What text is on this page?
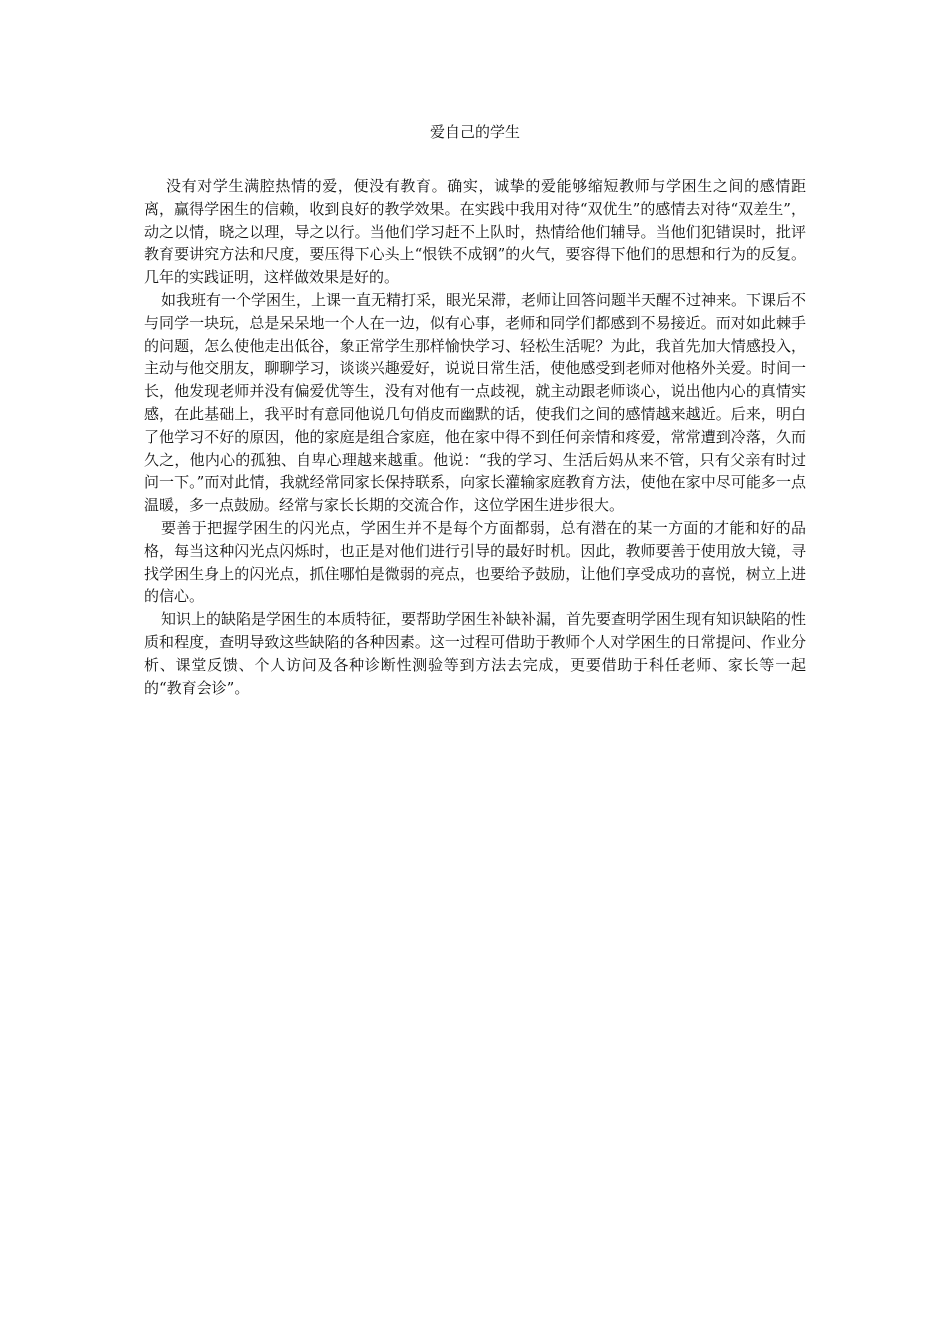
爱自己的学生

没有对学生满腔热情的爱，便没有教育。确实，诚挚的爱能够缩短教师与学困生之间的感情距离，赢得学困生的信赖，收到良好的教学效果。在实践中我用对待“双优生”的感情去对待“双差生”，动之以情，晓之以理，导之以行。当他们学习赶不上队时，热情给他们辅导。当他们犯错误时，批评教育要讲究方法和尺度，要压得下心头上“恨铁不成钢”的火气，要容得下他们的思想和行为的反复。几年的实践证明，这样做效果是好的。

如我班有一个学困生，上课一直无精打采，眼光呆滞，老师让回答问题半天醒不过神来。下课后不与同学一块玩，总是呆呆地一个人在一边，似有心事，老师和同学们都感到不易接近。而对如此棘手的问题，怎么使他走出低谷，象正常学生那样愉快学习、轻松生活呢？为此，我首先加大情感投入，主动与他交朋友，聊聊学习，谈谈兴趣爱好，说说日常生活，使他感受到老师对他格外关爱。时间一长，他发现老师并没有偏爱优等生，没有对他有一点歧视，就主动跟老师谈心，说出他内心的真情实感，在此基础上，我平时有意同他说几句俏皮而幽默的话，使我们之间的感情越来越近。后来，明白了他学习不好的原因，他的家庭是组合家庭，他在家中得不到任何亲情和疼爱，常常遭到冷落，久而久之，他内心的孤独、自卑心理越来越重。他说：“我的学习、生活后妈从来不管，只有父亲有时过问一下。”而对此情，我就经常同家长保持联系，向家长灌输家庭教育方法，使他在家中尽可能多一点温暖，多一点鼓励。经常与家长长期的交流合作，这位学困生进步很大。

要善于把握学困生的闪光点，学困生并不是每个方面都弱，总有潜在的某一方面的才能和好的品格，每当这种闪光点闪烁时，也正是对他们进行引导的最好时机。因此，教师要善于使用放大镜，寻找学困生身上的闪光点，抓住哪怕是微弱的亮点，也要给予鼓励，让他们享受成功的喜悦，树立上进的信心。

知识上的缺陷是学困生的本质特征，要帮助学困生补缺补漏，首先要查明学困生现有知识缺陷的性质和程度，查明导致这些缺陷的各种因素。这一过程可借助于教师个人对学困生的日常提问、作业分析、课堂反馈、个人访问及各种诊断性测验等到方法去完成，更要借助于科任老师、家长等一起的“教育会诊”。
